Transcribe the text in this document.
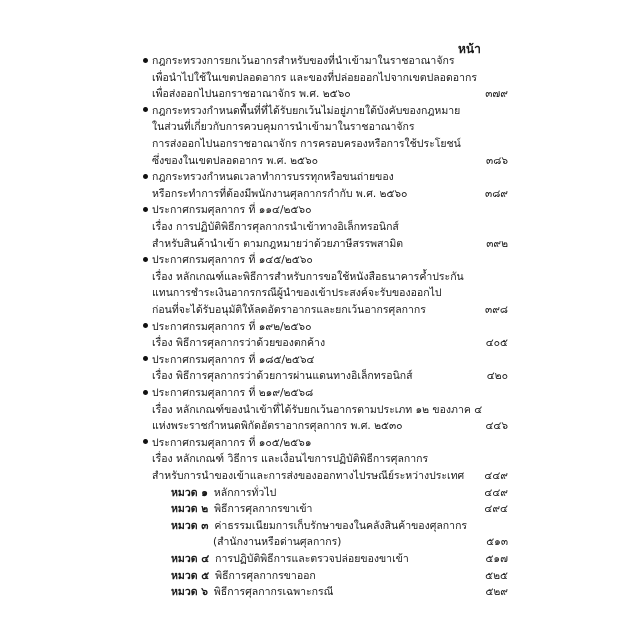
หน้า
กฎกระทรวงการยกเว้นอากรสำหรับของที่นำเข้ามาในราชอาณาจักร
เพื่อนำไปใช้ในเขตปลอดอากร และของที่ปล่อยออกไปจากเขตปลอดอากร
เพื่อส่งออกไปนอกราชอาณาจักร พ.ศ. ๒๕๖๐	๓๗๙
กฎกระทรวงกำหนดพื้นที่ที่ได้รับยกเว้นไม่อยู่ภายใต้บังคับของกฎหมาย
ในส่วนที่เกี่ยวกับการควบคุมการนำเข้ามาในราชอาณาจักร
การส่งออกไปนอกราชอาณาจักร การครอบครองหรือการใช้ประโยชน์
ซึ่งของในเขตปลอดอากร พ.ศ. ๒๕๖๐	๓๘๖
กฎกระทรวงกำหนดเวลาทำการบรรทุกหรือขนถ่ายของ
หรือกระทำการที่ต้องมีพนักงานศุลกากรกำกับ พ.ศ. ๒๕๖๐	๓๘๙
ประกาศกรมศุลกากร ที่ ๑๑๔/๒๕๖๐
เรื่อง การปฏิบัติพิธีการศุลกากรนำเข้าทางอิเล็กทรอนิกส์
สำหรับสินค้านำเข้า ตามกฎหมายว่าด้วยภาษีสรรพสามิต	๓๙๒
ประกาศกรมศุลกากร ที่ ๑๔๕/๒๕๖๐
เรื่อง หลักเกณฑ์และพิธีการสำหรับการขอใช้หนังสือธนาคารค้ำประกัน
แทนการชำระเงินอากรกรณีผู้นำของเข้าประสงค์จะรับของออกไป
ก่อนที่จะได้รับอนุมัติให้ลดอัตราอากรและยกเว้นอากรศุลกากร	๓๙๘
ประกาศกรมศุลกากร ที่ ๑๙๒/๒๕๖๐
เรื่อง พิธีการศุลกากรว่าด้วยของตกค้าง	๔๐๕
ประกาศกรมศุลกากร ที่ ๑๘๕/๒๕๖๔
เรื่อง พิธีการศุลกากรว่าด้วยการผ่านแดนทางอิเล็กทรอนิกส์	๔๒๐
ประกาศกรมศุลกากร ที่ ๒๑๙/๒๕๖๘
เรื่อง หลักเกณฑ์ของนำเข้าที่ได้รับยกเว้นอากรตามประเภท ๑๒ ของภาค ๔
แห่งพระราชกำหนดพิกัดอัตราอากรศุลกากร พ.ศ. ๒๕๓๐	๔๔๖
ประกาศกรมศุลกากร ที่ ๑๐๕/๒๕๖๑
เรื่อง หลักเกณฑ์ วิธีการ และเงื่อนไขการปฏิบัติพิธีการศุลกากร
สำหรับการนำของเข้าและการส่งของออกทางไปรษณีย์ระหว่างประเทศ ๔๔๙
หมวด ๑ หลักการทั่วไป	๔๔๙
หมวด ๒ พิธีการศุลกากรขาเข้า	๔๙๔
หมวด ๓ ค่าธรรมเนียมการเก็บรักษาของในคลังสินค้าของศุลกากร
(สำนักงานหรือด่านศุลกากร)	๕๑๓
หมวด ๔ การปฏิบัติพิธีการและตรวจปล่อยของขาเข้า	๕๑๗
หมวด ๕ พิธีการศุลกากรขาออก	๕๒๕
หมวด ๖ พิธีการศุลกากรเฉพาะกรณี	๕๒๙
